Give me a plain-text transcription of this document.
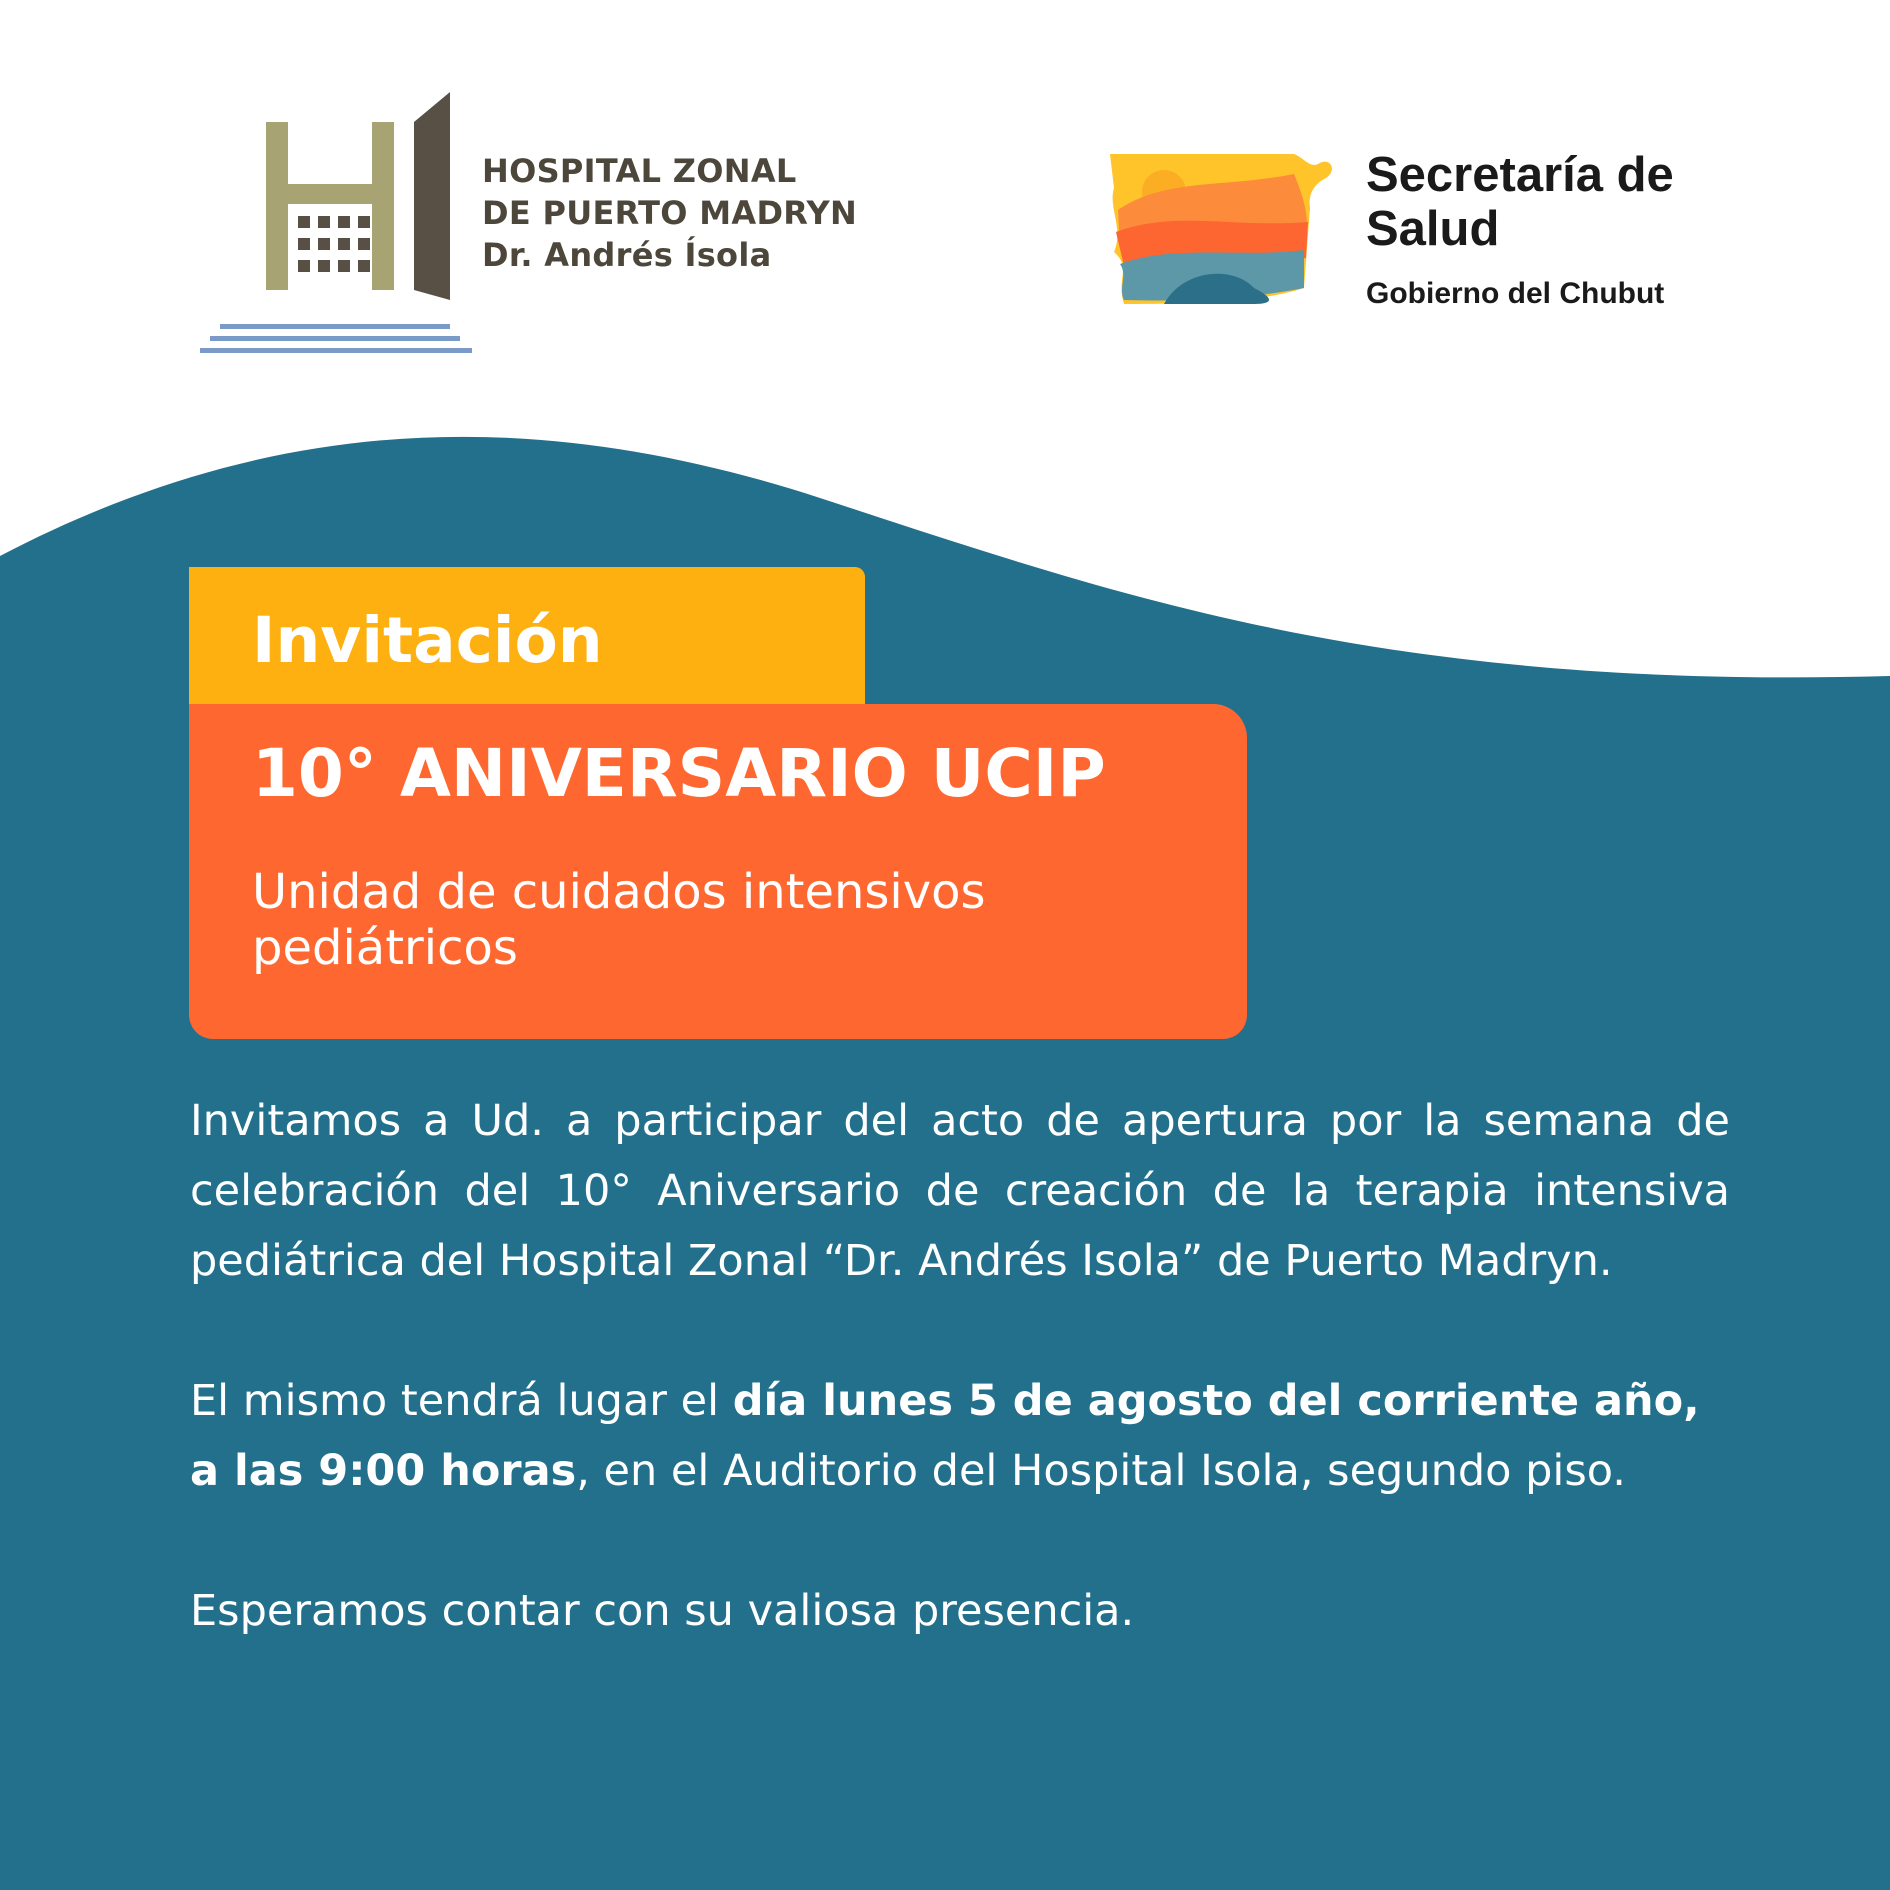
HOSPITAL ZONAL
DE PUERTO MADRYN
Dr. Andrés Ísola
Secretaría de
Salud
Gobierno del Chubut
Invitación
10° ANIVERSARIO UCIP
Unidad de cuidados intensivos pediátricos

Invitamos a Ud. a participar del acto de apertura por la semana de celebración del 10° Aniversario de creación de la terapia intensiva pediátrica del Hospital Zonal “Dr. Andrés Isola” de Puerto Madryn.

El mismo tendrá lugar el día lunes 5 de agosto del corriente año, a las 9:00 horas, en el Auditorio del Hospital Isola, segundo piso.

Esperamos contar con su valiosa presencia.
